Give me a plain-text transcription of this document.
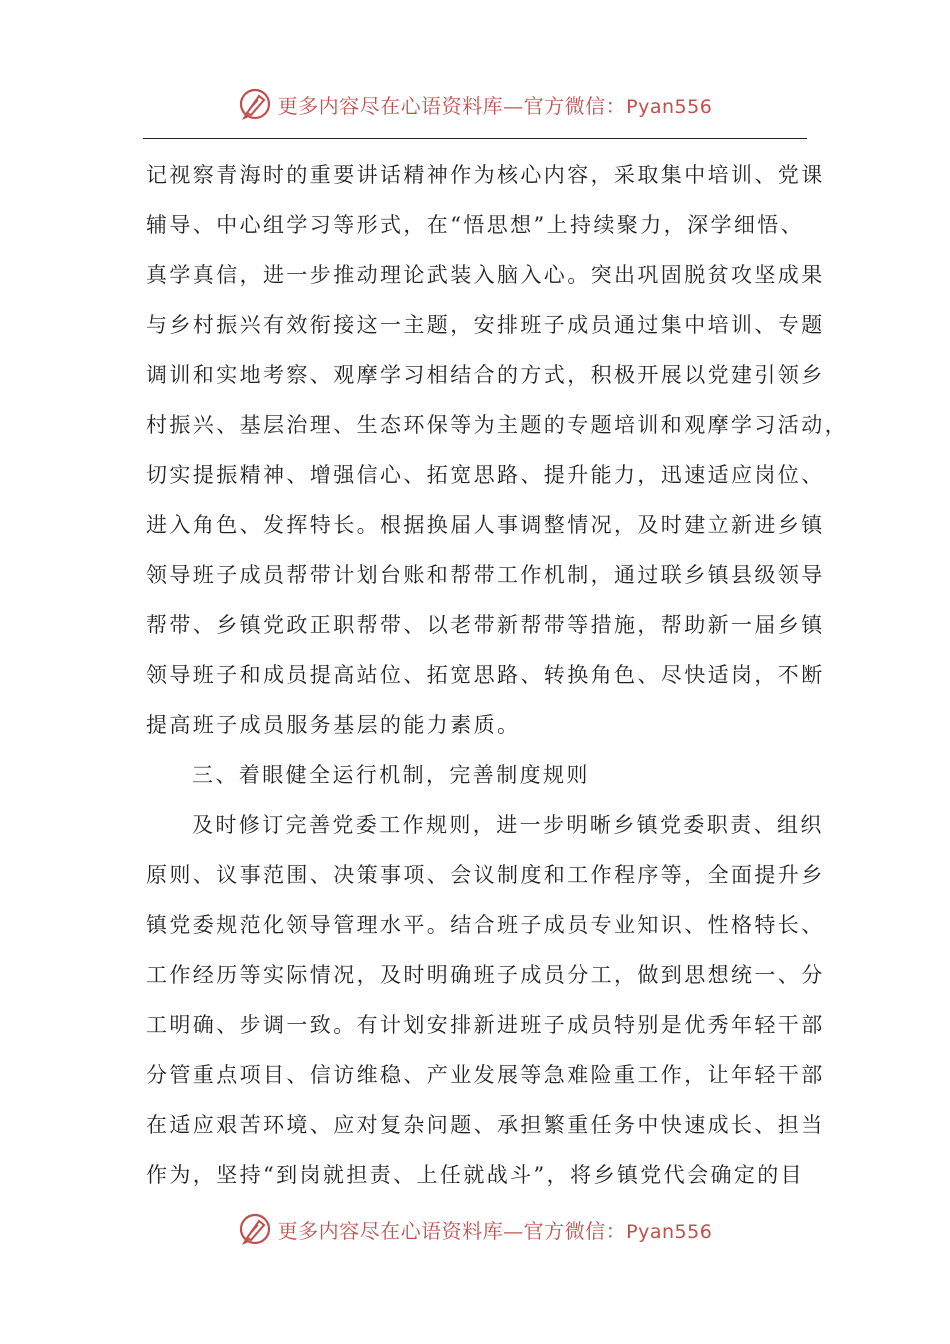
更多内容尽在心语资料库—官方微信：Pyan556
记视察青海时的重要讲话精神作为核心内容，采取集中培训、党课
辅导、中心组学习等形式，在“悟思想”上持续聚力，深学细悟、
真学真信，进一步推动理论武装入脑入心。突出巩固脱贫攻坚成果
与乡村振兴有效衔接这一主题，安排班子成员通过集中培训、专题
调训和实地考察、观摩学习相结合的方式，积极开展以党建引领乡
村振兴、基层治理、生态环保等为主题的专题培训和观摩学习活动，
切实提振精神、增强信心、拓宽思路、提升能力，迅速适应岗位、
进入角色、发挥特长。根据换届人事调整情况，及时建立新进乡镇
领导班子成员帮带计划台账和帮带工作机制，通过联乡镇县级领导
帮带、乡镇党政正职帮带、以老带新帮带等措施，帮助新一届乡镇
领导班子和成员提高站位、拓宽思路、转换角色、尽快适岗，不断
提高班子成员服务基层的能力素质。
三、着眼健全运行机制，完善制度规则
及时修订完善党委工作规则，进一步明晰乡镇党委职责、组织
原则、议事范围、决策事项、会议制度和工作程序等，全面提升乡
镇党委规范化领导管理水平。结合班子成员专业知识、性格特长、
工作经历等实际情况，及时明确班子成员分工，做到思想统一、分
工明确、步调一致。有计划安排新进班子成员特别是优秀年轻干部
分管重点项目、信访维稳、产业发展等急难险重工作，让年轻干部
在适应艰苦环境、应对复杂问题、承担繁重任务中快速成长、担当
作为，坚持“到岗就担责、上任就战斗”，将乡镇党代会确定的目
更多内容尽在心语资料库—官方微信：Pyan556
